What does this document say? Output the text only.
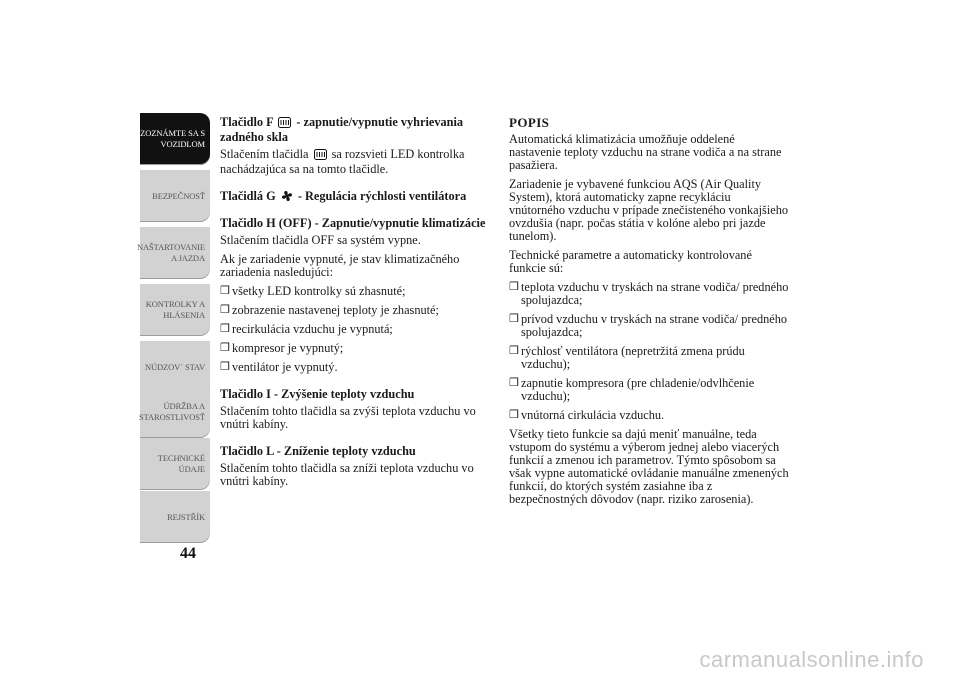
ZOZNÁMTE SA S
VOZIDLOM
BEZPEČNOSŤ
NAŠTARTOVANIE
A JAZDA
KONTROLKY A
HLÁSENIA
NÚDZOV´ STAV
ÚDRŽBA A
STAROSTLIVOSŤ
TECHNICKÉ
ÚDAJE
REJSTŘÍK
44
Tlačidlo F - zapnutie/vypnutie vyhrievania zadného skla
Stlačením tlačidla sa rozsvieti LED kontrolka nachádzajúca sa na tomto tlačidle.
Tlačidlá G - Regulácia rýchlosti ventilátora
Tlačidlo H (OFF) - Zapnutie/vypnutie klimatizácie
Stlačením tlačidla OFF sa systém vypne.
Ak je zariadenie vypnuté, je stav klimatizačného zariadenia nasledujúci:
❒ všetky LED kontrolky sú zhasnuté;
❒ zobrazenie nastavenej teploty je zhasnuté;
❒ recirkulácia vzduchu je vypnutá;
❒ kompresor je vypnutý;
❒ ventilátor je vypnutý.
Tlačidlo I - Zvýšenie teploty vzduchu
Stlačením tohto tlačidla sa zvýši teplota vzduchu vo vnútri kabíny.
Tlačidlo L - Zníženie teploty vzduchu
Stlačením tohto tlačidla sa zníži teplota vzduchu vo vnútri kabíny.
POPIS
Automatická klimatizácia umožňuje oddelené nastavenie teploty vzduchu na strane vodiča a na strane pasažiera.
Zariadenie je vybavené funkciou AQS (Air Quality System), ktorá automaticky zapne recykláciu vnútorného vzduchu v prípade znečisteného vonkajšieho ovzdušia (napr. počas státia v kolóne alebo pri jazde tunelom).
Technické parametre a automaticky kontrolované funkcie sú:
❒ teplota vzduchu v tryskách na strane vodiča/ predného spolujazdca;
❒ prívod vzduchu v tryskách na strane vodiča/ predného spolujazdca;
❒ rýchlosť ventilátora (nepretržitá zmena prúdu vzduchu);
❒ zapnutie kompresora (pre chladenie/odvlhčenie vzduchu);
❒ vnútorná cirkulácia vzduchu.
Všetky tieto funkcie sa dajú meniť manuálne, teda vstupom do systému a výberom jednej alebo viacerých funkcií a zmenou ich parametrov. Týmto spôsobom sa však vypne automatické ovládanie manuálne zmenených funkcií, do ktorých systém zasiahne iba z bezpečnostných dôvodov (napr. riziko zarosenia).
carmanualsonline.info
